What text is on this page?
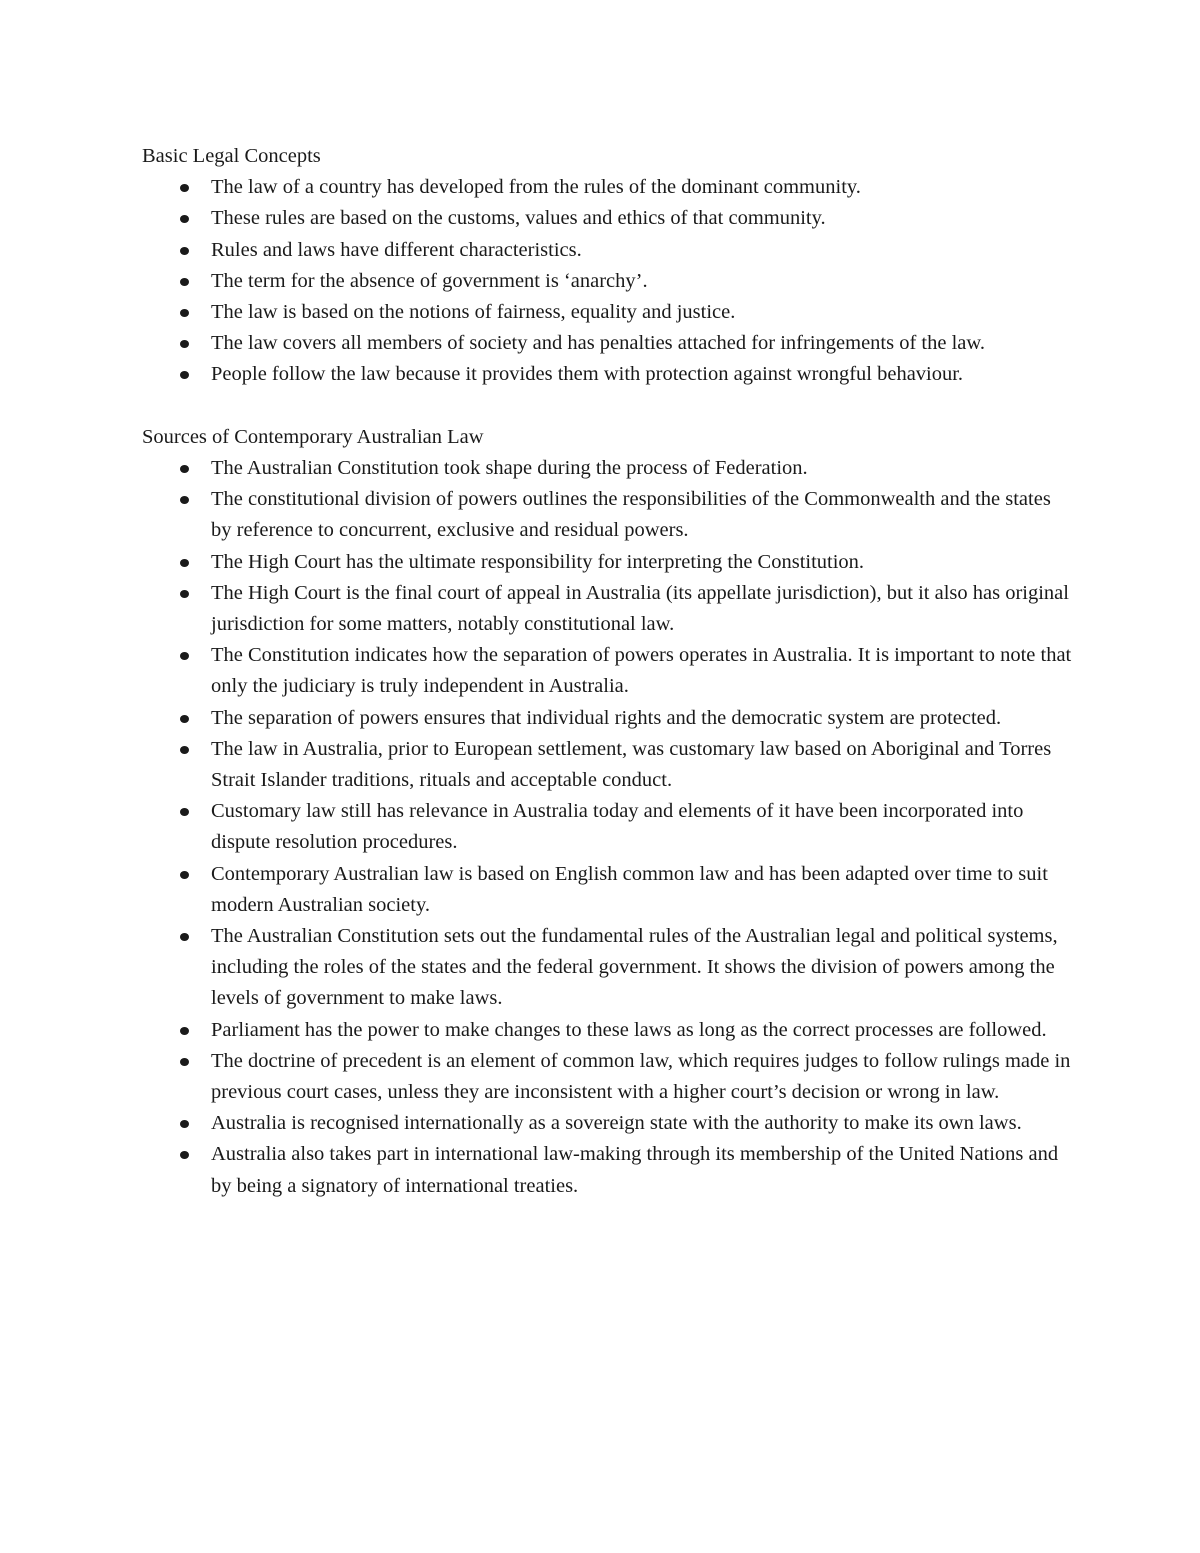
Basic Legal Concepts
The law of a country has developed from the rules of the dominant community.
These rules are based on the customs, values and ethics of that community.
Rules and laws have different characteristics.
The term for the absence of government is ‘anarchy’.
The law is based on the notions of fairness, equality and justice.
The law covers all members of society and has penalties attached for infringements of the law.
People follow the law because it provides them with protection against wrongful behaviour.
Sources of Contemporary Australian Law
The Australian Constitution took shape during the process of Federation.
The constitutional division of powers outlines the responsibilities of the Commonwealth and the states by reference to concurrent, exclusive and residual powers.
The High Court has the ultimate responsibility for interpreting the Constitution.
The High Court is the final court of appeal in Australia (its appellate jurisdiction), but it also has original jurisdiction for some matters, notably constitutional law.
The Constitution indicates how the separation of powers operates in Australia. It is important to note that only the judiciary is truly independent in Australia.
The separation of powers ensures that individual rights and the democratic system are protected.
The law in Australia, prior to European settlement, was customary law based on Aboriginal and Torres Strait Islander traditions, rituals and acceptable conduct.
Customary law still has relevance in Australia today and elements of it have been incorporated into dispute resolution procedures.
Contemporary Australian law is based on English common law and has been adapted over time to suit modern Australian society.
The Australian Constitution sets out the fundamental rules of the Australian legal and political systems, including the roles of the states and the federal government. It shows the division of powers among the levels of government to make laws.
Parliament has the power to make changes to these laws as long as the correct processes are followed.
The doctrine of precedent is an element of common law, which requires judges to follow rulings made in previous court cases, unless they are inconsistent with a higher court’s decision or wrong in law.
Australia is recognised internationally as a sovereign state with the authority to make its own laws.
Australia also takes part in international law-making through its membership of the United Nations and by being a signatory of international treaties.
